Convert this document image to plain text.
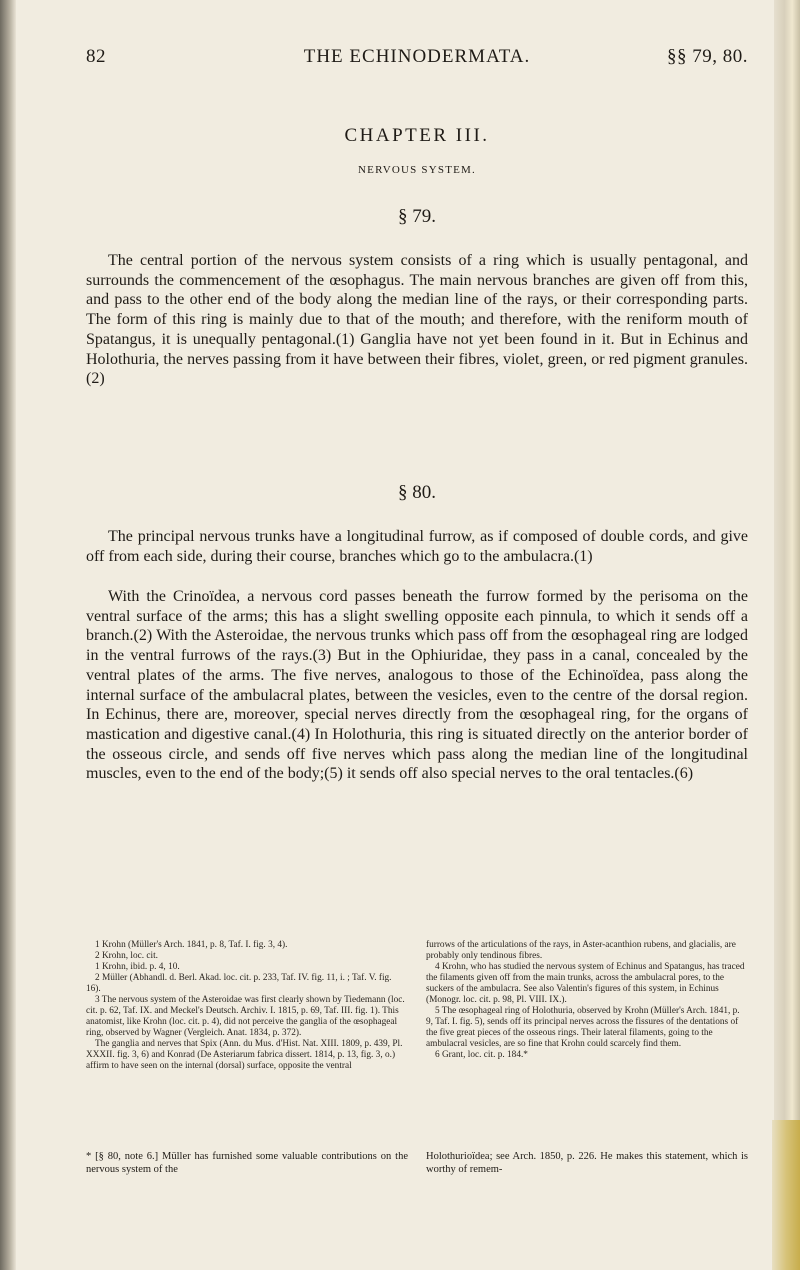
82	THE ECHINODERMATA.	§§ 79, 80.
CHAPTER III.
NERVOUS SYSTEM.
§ 79.

The central portion of the nervous system consists of a ring which is usually pentagonal, and surrounds the commencement of the œsophagus. The main nervous branches are given off from this, and pass to the other end of the body along the median line of the rays, or their corresponding parts. The form of this ring is mainly due to that of the mouth; and therefore, with the reniform mouth of Spatangus, it is unequally pentagonal.(1) Ganglia have not yet been found in it. But in Echinus and Holothuria, the nerves passing from it have between their fibres, violet, green, or red pigment granules.(2)

§ 80.

The principal nervous trunks have a longitudinal furrow, as if composed of double cords, and give off from each side, during their course, branches which go to the ambulacra.(1)

With the Crinoïdea, a nervous cord passes beneath the furrow formed by the perisoma on the ventral surface of the arms; this has a slight swelling opposite each pinnula, to which it sends off a branch.(2) With the Asteroidae, the nervous trunks which pass off from the œsophageal ring are lodged in the ventral furrows of the rays.(3) But in the Ophiuridae, they pass in a canal, concealed by the ventral plates of the arms. The five nerves, analogous to those of the Echinoïdea, pass along the internal surface of the ambulacral plates, between the vesicles, even to the centre of the dorsal region. In Echinus, there are, moreover, special nerves directly from the œsophageal ring, for the organs of mastication and digestive canal.(4) In Holothuria, this ring is situated directly on the anterior border of the osseous circle, and sends off five nerves which pass along the median line of the longitudinal muscles, even to the end of the body;(5) it sends off also special nerves to the oral tentacles.(6)

1 Krohn (Müller's Arch. 1841, p. 8, Taf. I. fig. 3, 4).

2 Krohn, loc. cit.

1 Krohn, ibid. p. 4, 10.

2 Müller (Abhandl. d. Berl. Akad. loc. cit. p. 233, Taf. IV. fig. 11, i. ; Taf. V. fig. 16).

3 The nervous system of the Asteroidae was first clearly shown by Tiedemann (loc. cit. p. 62, Taf. IX. and Meckel's Deutsch. Archiv. I. 1815, p. 69, Taf. III. fig. 1). This anatomist, like Krohn (loc. cit. p. 4), did not perceive the ganglia of the œsophageal ring, observed by Wagner (Vergleich. Anat. 1834, p. 372).

The ganglia and nerves that Spix (Ann. du Mus. d'Hist. Nat. XIII. 1809, p. 439, Pl. XXXII. fig. 3, 6) and Konrad (De Asteriarum fabrica dissert. 1814, p. 13, fig. 3, o.) affirm to have seen on the internal (dorsal) surface, opposite the ventral

furrows of the articulations of the rays, in Aster-acanthion rubens, and glacialis, are probably only tendinous fibres.

4 Krohn, who has studied the nervous system of Echinus and Spatangus, has traced the filaments given off from the main trunks, across the ambulacral pores, to the suckers of the ambulacra. See also Valentin's figures of this system, in Echinus (Monogr. loc. cit. p. 98, Pl. VIII. IX.).

5 The œsophageal ring of Holothuria, observed by Krohn (Müller's Arch. 1841, p. 9, Taf. I. fig. 5), sends off its principal nerves across the fissures of the dentations of the five great pieces of the osseous rings. Their lateral filaments, going to the ambulacral vesicles, are so fine that Krohn could scarcely find them.

6 Grant, loc. cit. p. 184.*

* [§ 80, note 6.] Müller has furnished some valuable contributions on the nervous system of the
Holothurioïdea; see Arch. 1850, p. 226. He makes this statement, which is worthy of remem-
